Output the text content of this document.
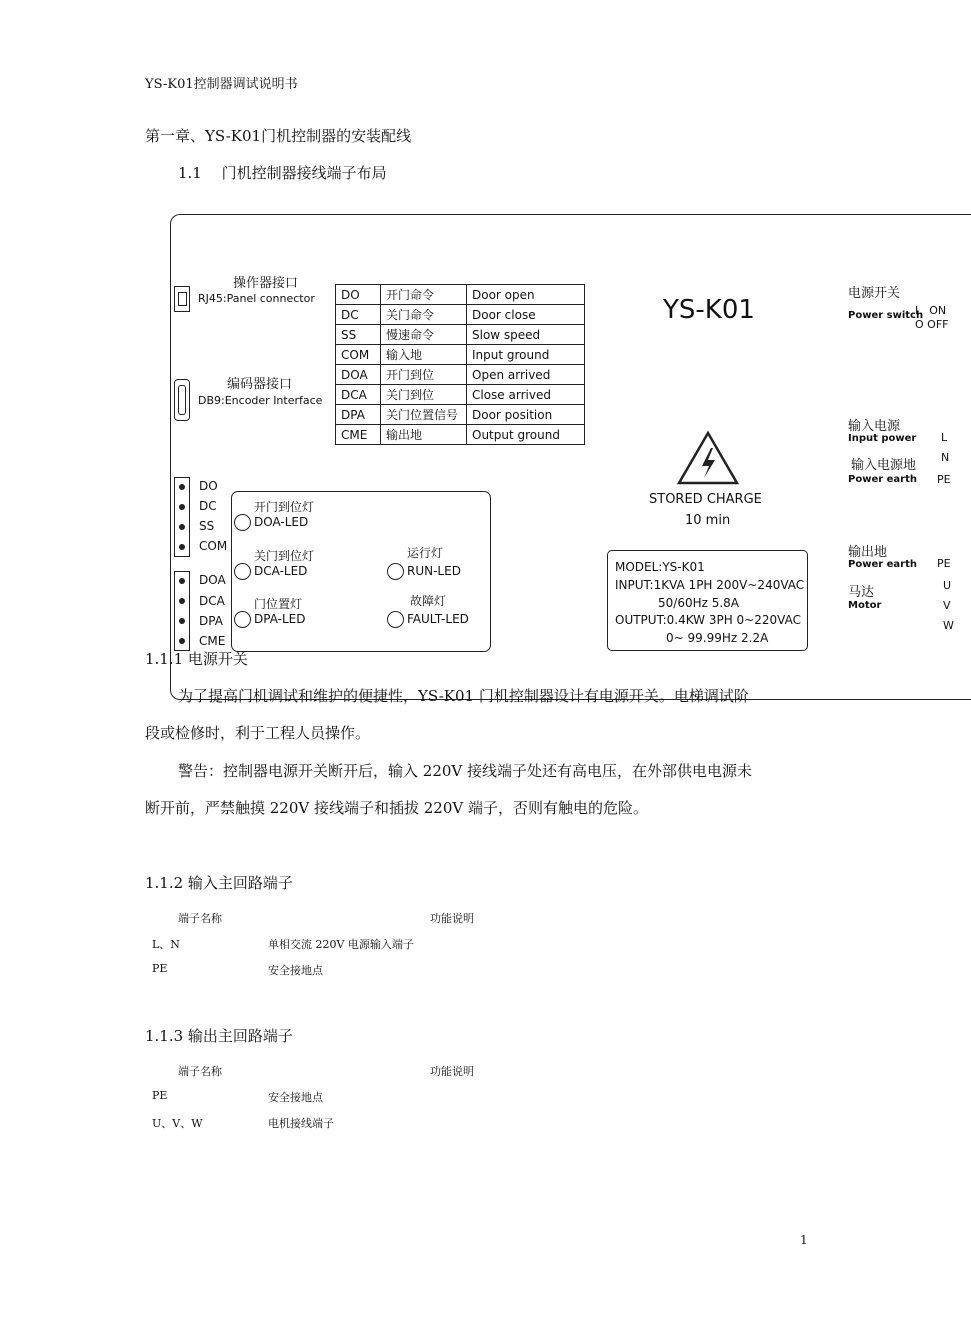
YS-K01控制器调试说明书
第一章、YS-K01门机控制器的安装配线
1.1　 门机控制器接线端子布局
操作器接口
RJ45:Panel connector
编码器接口
DB9:Encoder Interface
DO	开门命令	Door open
DC	关门命令	Door close
SS	慢速命令	Slow speed
COM	输入地	Input ground
DOA	开门到位	Open arrived
DCA	关门到位	Close arrived
DPA	关门位置信号	Door position
CME	输出地	Output ground
YS-K01
STORED CHARGE
10 min
DO
DC
SS
COM
DOA
DCA
DPA
CME
开门到位灯
DOA-LED
关门到位灯
DCA-LED
门位置灯
DPA-LED
运行灯
RUN-LED
故障灯
FAULT-LED
MODEL:YS-K01
INPUT:1KVA 1PH 200V~240VAC
50/60Hz 5.8A
OUTPUT:0.4KW 3PH 0~220VAC
0~ 99.99Hz 2.2A
电源开关
Power switch
I　ON
O OFF
输入电源
Input power L
N
输入电源地
Power earth PE
输出地
Power earth PE
马达
Motor
U
V
W
1.1.1 电源开关
为了提高门机调试和维护的便捷性，YS-K01 门机控制器设计有电源开关。电梯调试阶
段或检修时，利于工程人员操作。
警告：控制器电源开关断开后，输入 220V 接线端子处还有高电压，在外部供电电源未
断开前，严禁触摸 220V 接线端子和插拔 220V 端子，否则有触电的危险。
1.1.2 输入主回路端子
端子名称	功能说明
L、N	单相交流 220V 电源输入端子
PE	安全接地点
1.1.3 输出主回路端子
端子名称	功能说明
PE	安全接地点
U、V、W	电机接线端子
1
